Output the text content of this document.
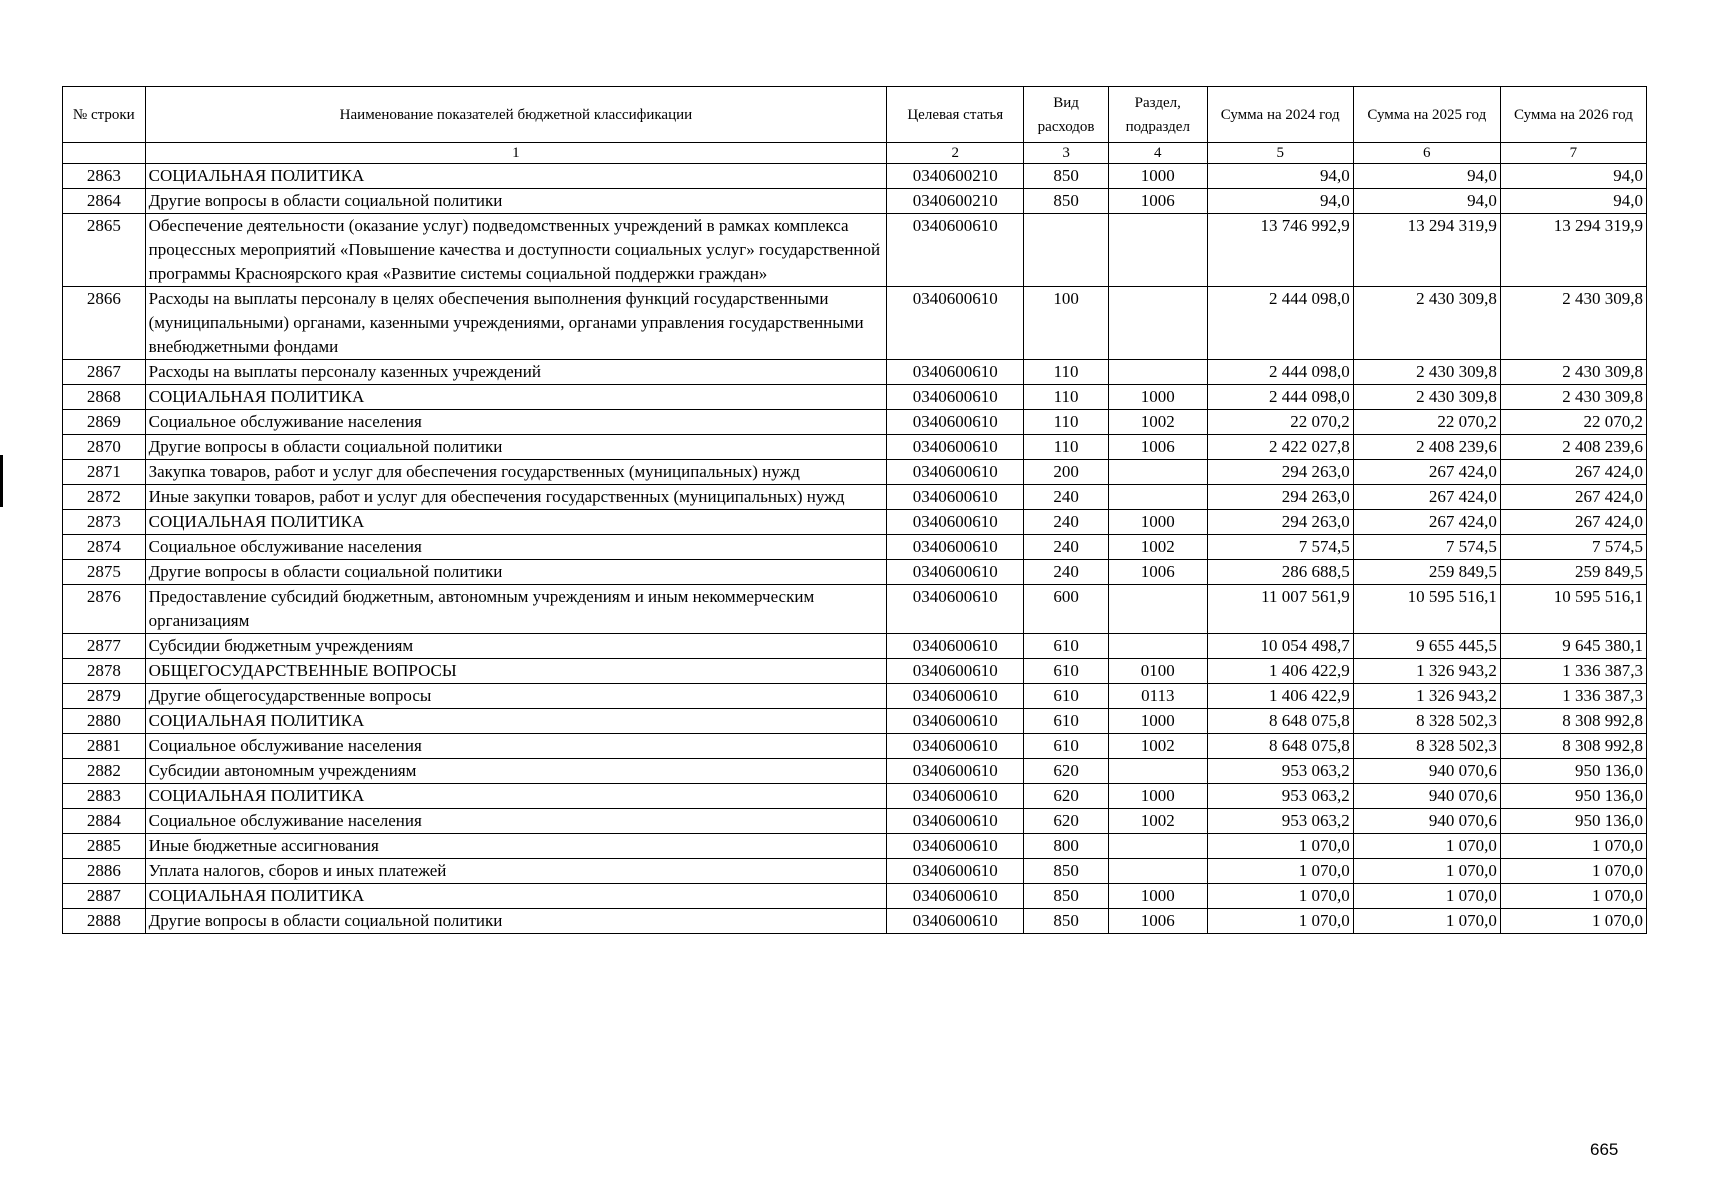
№ строки	Наименование показателей бюджетной классификации	Целевая статья	Вид расходов	Раздел, подраздел	Сумма на 2024 год	Сумма на 2025 год	Сумма на 2026 год
	1	2	3	4	5	6	7
2863	СОЦИАЛЬНАЯ ПОЛИТИКА	0340600210	850	1000	94,0	94,0	94,0
2864	Другие вопросы в области социальной политики	0340600210	850	1006	94,0	94,0	94,0
2865	Обеспечение деятельности (оказание услуг) подведомственных учреждений в рамках комплекса процессных мероприятий «Повышение качества и доступности социальных услуг» государственной программы Красноярского края «Развитие системы социальной поддержки граждан»	0340600610			13 746 992,9	13 294 319,9	13 294 319,9
2866	Расходы на выплаты персоналу в целях обеспечения выполнения функций государственными (муниципальными) органами, казенными учреждениями, органами управления государственными внебюджетными фондами	0340600610	100		2 444 098,0	2 430 309,8	2 430 309,8
2867	Расходы на выплаты персоналу казенных учреждений	0340600610	110		2 444 098,0	2 430 309,8	2 430 309,8
2868	СОЦИАЛЬНАЯ ПОЛИТИКА	0340600610	110	1000	2 444 098,0	2 430 309,8	2 430 309,8
2869	Социальное обслуживание населения	0340600610	110	1002	22 070,2	22 070,2	22 070,2
2870	Другие вопросы в области социальной политики	0340600610	110	1006	2 422 027,8	2 408 239,6	2 408 239,6
2871	Закупка товаров, работ и услуг для обеспечения государственных (муниципальных) нужд	0340600610	200		294 263,0	267 424,0	267 424,0
2872	Иные закупки товаров, работ и услуг для обеспечения государственных (муниципальных) нужд	0340600610	240		294 263,0	267 424,0	267 424,0
2873	СОЦИАЛЬНАЯ ПОЛИТИКА	0340600610	240	1000	294 263,0	267 424,0	267 424,0
2874	Социальное обслуживание населения	0340600610	240	1002	7 574,5	7 574,5	7 574,5
2875	Другие вопросы в области социальной политики	0340600610	240	1006	286 688,5	259 849,5	259 849,5
2876	Предоставление субсидий бюджетным, автономным учреждениям и иным некоммерческим организациям	0340600610	600		11 007 561,9	10 595 516,1	10 595 516,1
2877	Субсидии бюджетным учреждениям	0340600610	610		10 054 498,7	9 655 445,5	9 645 380,1
2878	ОБЩЕГОСУДАРСТВЕННЫЕ ВОПРОСЫ	0340600610	610	0100	1 406 422,9	1 326 943,2	1 336 387,3
2879	Другие общегосударственные вопросы	0340600610	610	0113	1 406 422,9	1 326 943,2	1 336 387,3
2880	СОЦИАЛЬНАЯ ПОЛИТИКА	0340600610	610	1000	8 648 075,8	8 328 502,3	8 308 992,8
2881	Социальное обслуживание населения	0340600610	610	1002	8 648 075,8	8 328 502,3	8 308 992,8
2882	Субсидии автономным учреждениям	0340600610	620		953 063,2	940 070,6	950 136,0
2883	СОЦИАЛЬНАЯ ПОЛИТИКА	0340600610	620	1000	953 063,2	940 070,6	950 136,0
2884	Социальное обслуживание населения	0340600610	620	1002	953 063,2	940 070,6	950 136,0
2885	Иные бюджетные ассигнования	0340600610	800		1 070,0	1 070,0	1 070,0
2886	Уплата налогов, сборов и иных платежей	0340600610	850		1 070,0	1 070,0	1 070,0
2887	СОЦИАЛЬНАЯ ПОЛИТИКА	0340600610	850	1000	1 070,0	1 070,0	1 070,0
2888	Другие вопросы в области социальной политики	0340600610	850	1006	1 070,0	1 070,0	1 070,0
665
